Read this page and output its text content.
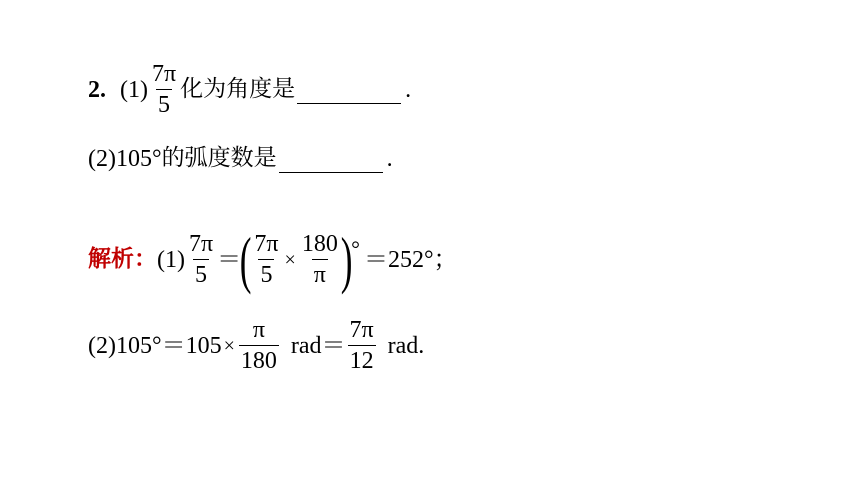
2 . $(1) \frac{7\pi}{5}$ 化为角度是	.
(2)105° 的弧度数是	.
解析： $(1) \frac{7\pi}{5}$ ＝
( $\frac{7\pi}{5} \times \frac{180}{\pi}$ )
° ＝252°；
$(2)105^\circ=105 \times \frac{\pi}{180} rad= \frac{7\pi}{12}$ rad.
